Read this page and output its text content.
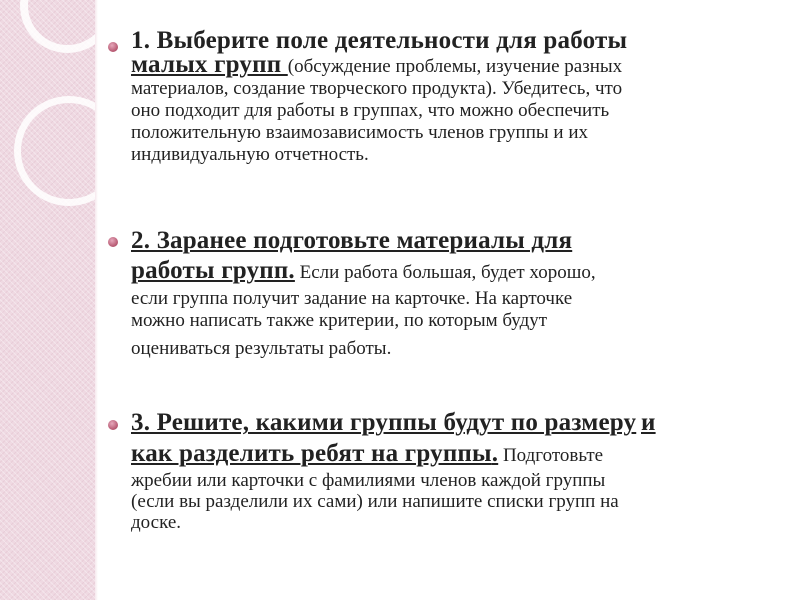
1. Выберите поле деятельности для работы
малых групп (обсуждение проблемы, изучение разных
материалов, создание творческого продукта). Убедитесь, что
оно подходит для работы в группах, что можно обеспечить
положительную взаимозависимость членов группы и их
индивидуальную отчетность.
2. Заранее подготовьте материалы для
работы групп. Если работа большая, будет хорошо,
если группа получит задание на карточке. На карточке
можно написать также критерии, по которым будут
оцениваться результаты работы.
3. Решите, какими группы будут по размеру и
как разделить ребят на группы. Подготовьте
жребии или карточки с фамилиями членов каждой группы
(если вы разделили их сами) или напишите списки групп на
доске.
